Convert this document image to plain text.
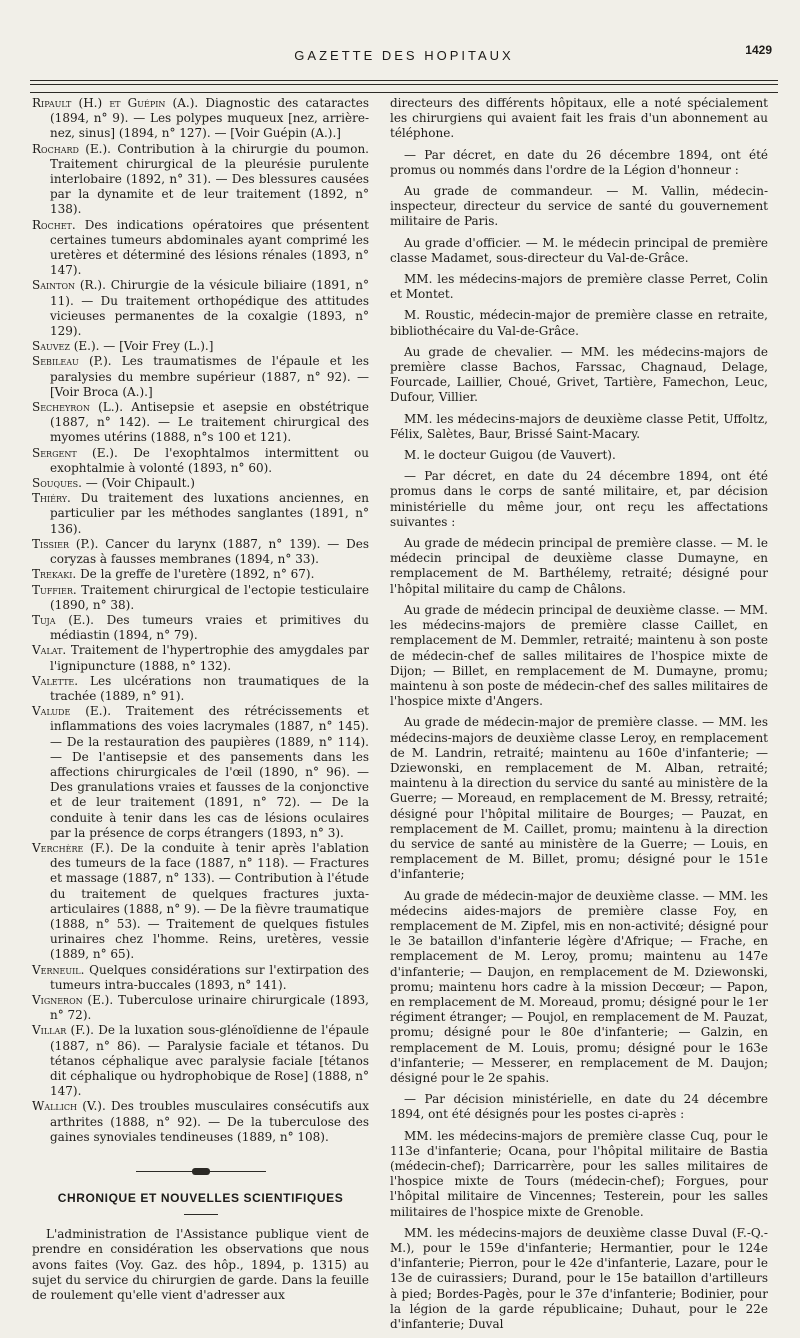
GAZETTE DES HOPITAUX	1429

Ripault (H.) et Guépin (A.). Diagnostic des cataractes (1894, n° 9). — Les polypes muqueux [nez, arrière-nez, sinus] (1894, n° 127). — [Voir Guépin (A.).]

Rochard (E.). Contribution à la chirurgie du poumon. Traitement chirurgical de la pleurésie purulente interlobaire (1892, n° 31). — Des blessures causées par la dynamite et de leur traitement (1892, n° 138).

Rochet. Des indications opératoires que présentent certaines tumeurs abdominales ayant comprimé les uretères et déterminé des lésions rénales (1893, n° 147).

Sainton (R.). Chirurgie de la vésicule biliaire (1891, n° 11). — Du traitement orthopédique des attitudes vicieuses permanentes de la coxalgie (1893, n° 129).

Sauvez (E.). — [Voir Frey (L.).]

Sebileau (P.). Les traumatismes de l'épaule et les paralysies du membre supérieur (1887, n° 92). — [Voir Broca (A.).]

Secheyron (L.). Antisepsie et asepsie en obstétrique (1887, n° 142). — Le traitement chirurgical des myomes utérins (1888, n°s 100 et 121).

Sergent (E.). De l'exophtalmos intermittent ou exophtalmie à volonté (1893, n° 60).

Souques. — (Voir Chipault.)

Thiéry. Du traitement des luxations anciennes, en particulier par les méthodes sanglantes (1891, n° 136).

Tissier (P.). Cancer du larynx (1887, n° 139). — Des coryzas à fausses membranes (1894, n° 33).

Trekaki. De la greffe de l'uretère (1892, n° 67).

Tuffier. Traitement chirurgical de l'ectopie testiculaire (1890, n° 38).

Tuja (E.). Des tumeurs vraies et primitives du médiastin (1894, n° 79).

Valat. Traitement de l'hypertrophie des amygdales par l'ignipuncture (1888, n° 132).

Valette. Les ulcérations non traumatiques de la trachée (1889, n° 91).

Valude (E.). Traitement des rétrécissements et inflammations des voies lacrymales (1887, n° 145). — De la restauration des paupières (1889, n° 114). — De l'antisepsie et des pansements dans les affections chirurgicales de l'œil (1890, n° 96). — Des granulations vraies et fausses de la conjonctive et de leur traitement (1891, n° 72). — De la conduite à tenir dans les cas de lésions oculaires par la présence de corps étrangers (1893, n° 3).

Verchère (F.). De la conduite à tenir après l'ablation des tumeurs de la face (1887, n° 118). — Fractures et massage (1887, n° 133). — Contribution à l'étude du traitement de quelques fractures juxta-articulaires (1888, n° 9). — De la fièvre traumatique (1888, n° 53). — Traitement de quelques fistules urinaires chez l'homme. Reins, uretères, vessie (1889, n° 65).

Verneuil. Quelques considérations sur l'extirpation des tumeurs intra-buccales (1893, n° 141).

Vigneron (E.). Tuberculose urinaire chirurgicale (1893, n° 72).

Villar (F.). De la luxation sous-glénoïdienne de l'épaule (1887, n° 86). — Paralysie faciale et tétanos. Du tétanos céphalique avec paralysie faciale [tétanos dit céphalique ou hydrophobique de Rose] (1888, n° 147).

Wallich (V.). Des troubles musculaires consécutifs aux arthrites (1888, n° 92). — De la tuberculose des gaines synoviales tendineuses (1889, n° 108).

CHRONIQUE ET NOUVELLES SCIENTIFIQUES

L'administration de l'Assistance publique vient de prendre en considération les observations que nous avons faites (Voy. Gaz. des hôp., 1894, p. 1315) au sujet du service du chirurgien de garde. Dans la feuille de roulement qu'elle vient d'adresser aux

directeurs des différents hôpitaux, elle a noté spécialement les chirurgiens qui avaient fait les frais d'un abonnement au téléphone.

— Par décret, en date du 26 décembre 1894, ont été promus ou nommés dans l'ordre de la Légion d'honneur :

Au grade de commandeur. — M. Vallin, médecin-inspecteur, directeur du service de santé du gouvernement militaire de Paris.

Au grade d'officier. — M. le médecin principal de première classe Madamet, sous-directeur du Val-de-Grâce.

MM. les médecins-majors de première classe Perret, Colin et Montet.

M. Roustic, médecin-major de première classe en retraite, bibliothécaire du Val-de-Grâce.

Au grade de chevalier. — MM. les médecins-majors de première classe Bachos, Farssac, Chagnaud, Delage, Fourcade, Laillier, Choué, Grivet, Tartière, Famechon, Leuc, Dufour, Villier.

MM. les médecins-majors de deuxième classe Petit, Uffoltz, Félix, Salètes, Baur, Brissé Saint-Macary.

M. le docteur Guigou (de Vauvert).

— Par décret, en date du 24 décembre 1894, ont été promus dans le corps de santé militaire, et, par décision ministérielle du même jour, ont reçu les affectations suivantes :

Au grade de médecin principal de première classe. — M. le médecin principal de deuxième classe Dumayne, en remplacement de M. Barthélemy, retraité; désigné pour l'hôpital militaire du camp de Châlons.

Au grade de médecin principal de deuxième classe. — MM. les médecins-majors de première classe Caillet, en remplacement de M. Demmler, retraité; maintenu à son poste de médecin-chef de salles militaires de l'hospice mixte de Dijon; — Billet, en remplacement de M. Dumayne, promu; maintenu à son poste de médecin-chef des salles militaires de l'hospice mixte d'Angers.

Au grade de médecin-major de première classe. — MM. les médecins-majors de deuxième classe Leroy, en remplacement de M. Landrin, retraité; maintenu au 160e d'infanterie; — Dziewonski, en remplacement de M. Alban, retraité; maintenu à la direction du service du santé au ministère de la Guerre; — Moreaud, en remplacement de M. Bressy, retraité; désigné pour l'hôpital militaire de Bourges; — Pauzat, en remplacement de M. Caillet, promu; maintenu à la direction du service de santé au ministère de la Guerre; — Louis, en remplacement de M. Billet, promu; désigné pour le 151e d'infanterie;

Au grade de médecin-major de deuxième classe. — MM. les médecins aides-majors de première classe Foy, en remplacement de M. Zipfel, mis en non-activité; désigné pour le 3e bataillon d'infanterie légère d'Afrique; — Frache, en remplacement de M. Leroy, promu; maintenu au 147e d'infanterie; — Daujon, en remplacement de M. Dziewonski, promu; maintenu hors cadre à la mission Decœur; — Papon, en remplacement de M. Moreaud, promu; désigné pour le 1er régiment étranger; — Poujol, en remplacement de M. Pauzat, promu; désigné pour le 80e d'infanterie; — Galzin, en remplacement de M. Louis, promu; désigné pour le 163e d'infanterie; — Messerer, en remplacement de M. Daujon; désigné pour le 2e spahis.

— Par décision ministérielle, en date du 24 décembre 1894, ont été désignés pour les postes ci-après :

MM. les médecins-majors de première classe Cuq, pour le 113e d'infanterie; Ocana, pour l'hôpital militaire de Bastia (médecin-chef); Darricarrère, pour les salles militaires de l'hospice mixte de Tours (médecin-chef); Forgues, pour l'hôpital militaire de Vincennes; Testerein, pour les salles militaires de l'hospice mixte de Grenoble.

MM. les médecins-majors de deuxième classe Duval (F.-Q.-M.), pour le 159e d'infanterie; Hermantier, pour le 124e d'infanterie; Pierron, pour le 42e d'infanterie, Lazare, pour le 13e de cuirassiers; Durand, pour le 15e bataillon d'artilleurs à pied; Bordes-Pagès, pour le 37e d'infanterie; Bodinier, pour la légion de la garde républicaine; Duhaut, pour le 22e d'infanterie; Duval
